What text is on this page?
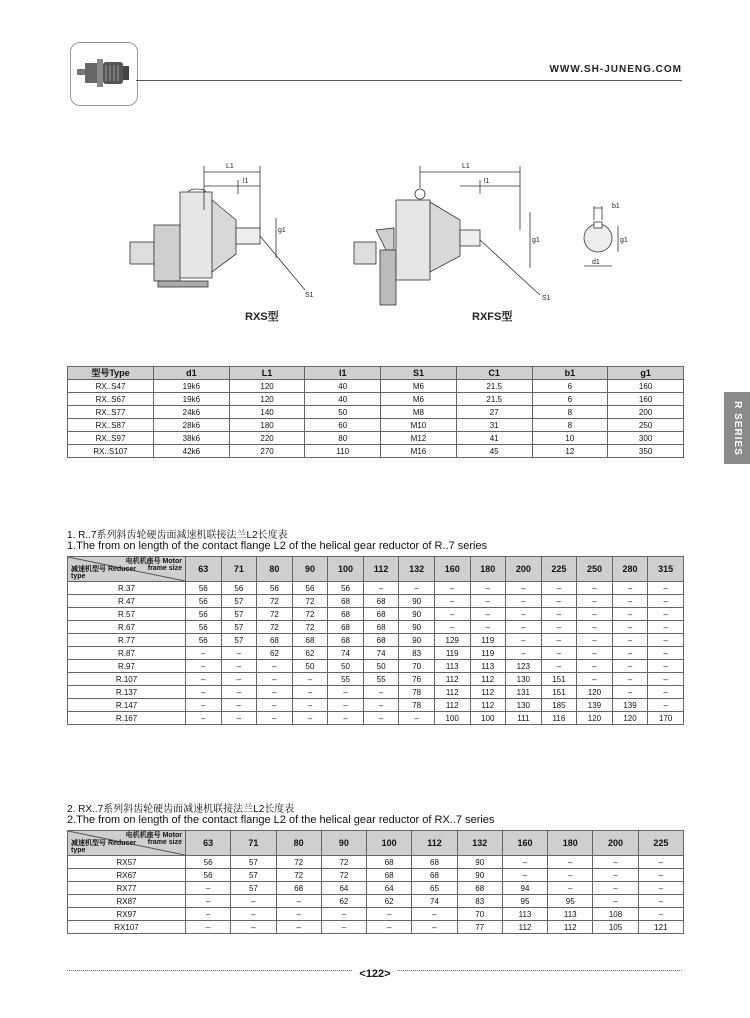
WWW.SH-JUNENG.COM
R SERIES
L1
l1
g1
S1
L1
l1
g1
S1
b1
g1
d1
RXS型	RXFS型
型号Type	d1	L1	l1	S1	C1	b1	g1
RX..S47	19k6	120	40	M6	21.5	6	160
RX..S67	19k6	120	40	M6	21.5	6	160
RX..S77	24k6	140	50	M8	27	8	200
RX..S87	28k6	180	60	M10	31	8	250
RX..S97	38k6	220	80	M12	41	10	300
RX..S107	42k6	270	110	M16	45	12	350
1. R..7系列斜齿轮硬齿面减速机联接法兰L2长度表
1.The from on length of the contact flange L2 of the helical gear reductor of R..7 series
电机机座号 Motor frame size
减速机型号 Reducer type	63	71	80	90	100	112	132	160	180	200	225	250	280	315
R.37	56	56	56	56	56	–	–	–	–	–	–	–	–	–
R.47	56	57	72	72	68	68	90	–	–	–	–	–	–	–
R.57	56	57	72	72	68	68	90	–	–	–	–	–	–	–
R.67	56	57	72	72	68	68	90	–	–	–	–	–	–	–
R.77	56	57	68	68	68	68	90	129	119	–	–	–	–	–
R.87	–	–	62	62	74	74	83	119	119	–	–	–	–	–
R.97	–	–	–	50	50	50	70	113	113	123	–	–	–	–
R.107	–	–	–	–	55	55	76	112	112	130	151	–	–	–
R.137	–	–	–	–	–	–	78	112	112	131	151	120	–	–
R.147	–	–	–	–	–	–	78	112	112	130	185	139	139	–
R.167	–	–	–	–	–	–	–	100	100	111	116	120	120	170
2. RX..7系列斜齿轮硬齿面减速机联接法兰L2长度表
2.The from on length of the contact flange L2 of the helical gear reductor of RX..7 series
电机机座号 Motor frame size
减速机型号 Reducer type	63	71	80	90	100	112	132	160	180	200	225
RX57	56	57	72	72	68	68	90	–	–	–	–
RX67	56	57	72	72	68	68	90	–	–	–	–
RX77	–	57	68	64	64	65	68	94	–	–	–
RX87	–	–	–	62	62	74	83	95	95	–	–
RX97	–	–	–	–	–	–	70	113	113	108	–
RX107	–	–	–	–	–	–	77	112	112	105	121
<122>
